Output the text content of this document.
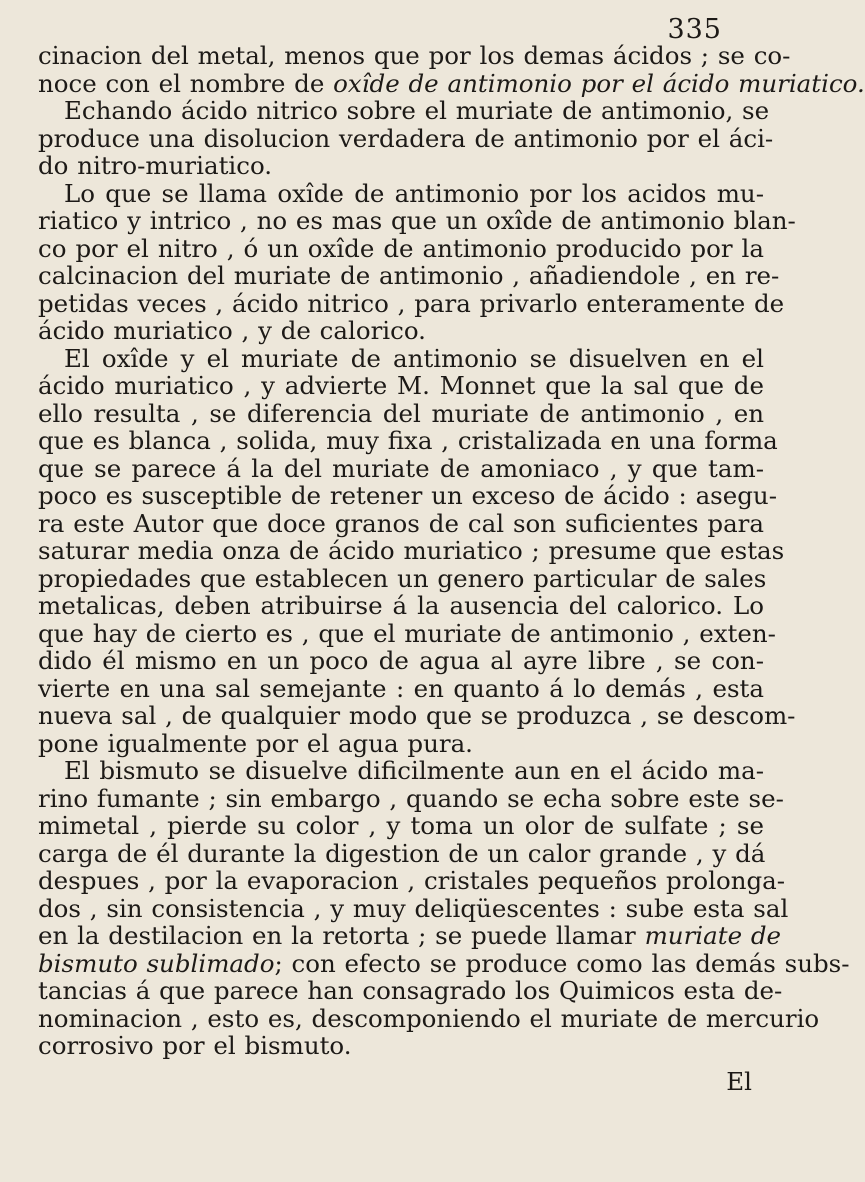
335
cinacion del metal, menos que por los demas ácidos ; se co-
noce con el nombre de oxîde de antimonio por el ácido muriatico.
Echando ácido nitrico sobre el muriate de antimonio, se
produce una disolucion verdadera de antimonio por el áci-
do nitro-muriatico.
Lo que se llama oxîde de antimonio por los acidos mu-
riatico y intrico , no es mas que un oxîde de antimonio blan-
co por el nitro , ó un oxîde de antimonio producido por la
calcinacion del muriate de antimonio , añadiendole , en re-
petidas veces , ácido nitrico , para privarlo enteramente de
ácido muriatico , y de calorico.
El oxîde y el muriate de antimonio se disuelven en el
ácido muriatico , y advierte M. Monnet que la sal que de
ello resulta , se diferencia del muriate de antimonio , en
que es blanca , solida, muy fixa , cristalizada en una forma
que se parece á la del muriate de amoniaco , y que tam-
poco es susceptible de retener un exceso de ácido : asegu-
ra este Autor que doce granos de cal son suficientes para
saturar media onza de ácido muriatico ; presume que estas
propiedades que establecen un genero particular de sales
metalicas, deben atribuirse á la ausencia del calorico. Lo
que hay de cierto es , que el muriate de antimonio , exten-
dido él mismo en un poco de agua al ayre libre , se con-
vierte en una sal semejante : en quanto á lo demás , esta
nueva sal , de qualquier modo que se produzca , se descom-
pone igualmente por el agua pura.
El bismuto se disuelve dificilmente aun en el ácido ma-
rino fumante ; sin embargo , quando se echa sobre este se-
mimetal , pierde su color , y toma un olor de sulfate ; se
carga de él durante la digestion de un calor grande , y dá
despues , por la evaporacion , cristales pequeños prolonga-
dos , sin consistencia , y muy deliqüescentes : sube esta sal
en la destilacion en la retorta ; se puede llamar muriate de
bismuto sublimado; con efecto se produce como las demás subs-
tancias á que parece han consagrado los Quimicos esta de-
nominacion , esto es, descomponiendo el muriate de mercurio
corrosivo por el bismuto.
El
